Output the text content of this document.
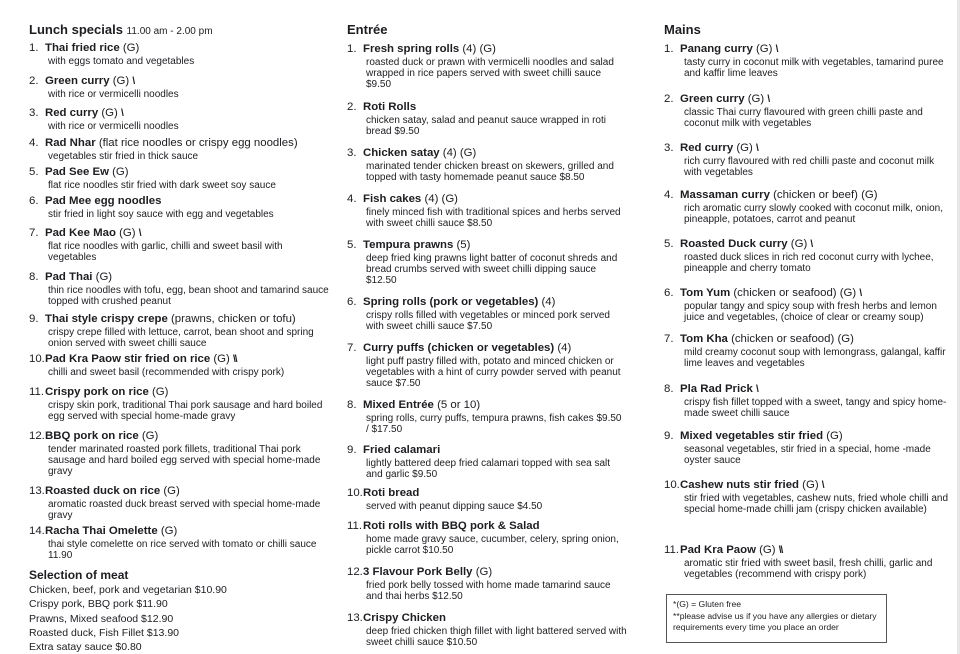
Lunch specials 11.00 am - 2.00 pm
1. Thai fried rice (G)
with eggs tomato and vegetables
2. Green curry (G) \
with rice or vermicelli noodles
3. Red curry (G) \
with rice or vermicelli noodles
4. Rad Nhar (flat rice noodles or crispy egg noodles)
vegetables stir fried in thick sauce
5. Pad See Ew (G)
flat rice noodles stir fried with dark sweet soy sauce
6. Pad Mee egg noodles
stir fried in light soy sauce with egg and vegetables
7. Pad Kee Mao (G) \
flat rice noodles with garlic, chilli and sweet basil with vegetables
8. Pad Thai (G)
thin rice noodles with tofu, egg, bean shoot and tamarind sauce topped with crushed peanut
9. Thai style crispy crepe (prawns, chicken or tofu)
crispy crepe filled with lettuce, carrot, bean shoot and spring onion served with sweet chilli sauce
10.Pad Kra Paow stir fried on rice (G) \\
chilli and sweet basil (recommended with crispy pork)
11.Crispy pork on rice (G)
crispy skin pork, traditional Thai pork sausage and hard boiled egg served with special home-made gravy
12.BBQ pork on rice (G)
tender marinated roasted pork fillets, traditional Thai pork sausage and hard boiled egg served with special home-made gravy
13.Roasted duck on rice (G)
aromatic roasted duck breast served with special home-made gravy
14.Racha Thai Omelette (G)
thai style comelette on rice served with tomato or chilli sauce 11.90
Selection of meat
Chicken, beef, pork and vegetarian $10.90
Crispy pork, BBQ pork $11.90
Prawns, Mixed seafood $12.90
Roasted duck, Fish Fillet $13.90
Extra satay sauce $0.80
Entrée
1. Fresh spring rolls (4) (G)
roasted duck or prawn with vermicelli noodles and salad wrapped in rice papers served with sweet chilli sauce $9.50
2. Roti Rolls
chicken satay, salad and peanut sauce wrapped in roti bread $9.50
3. Chicken satay (4) (G)
marinated tender chicken breast on skewers, grilled and topped with tasty homemade peanut sauce $8.50
4. Fish cakes (4) (G)
finely minced fish with traditional spices and herbs served with sweet chilli sauce $8.50
5. Tempura prawns (5)
deep fried king prawns light batter of coconut shreds and bread crumbs served with sweet chilli dipping sauce $12.50
6. Spring rolls (pork or vegetables) (4)
crispy rolls filled with vegetables or minced pork served with sweet chilli sauce $7.50
7. Curry puffs (chicken or vegetables) (4)
light puff pastry filled with, potato and minced chicken or vegetables with a hint of curry powder served with peanut sauce $7.50
8. Mixed Entrée (5 or 10)
spring rolls, curry puffs, tempura prawns, fish cakes $9.50 / $17.50
9. Fried calamari
lightly battered deep fried calamari topped with sea salt and garlic $9.50
10.Roti bread
served with peanut dipping sauce $4.50
11.Roti rolls with BBQ pork & Salad
home made gravy sauce, cucumber, celery, spring onion, pickle carrot $10.50
12.3 Flavour Pork Belly (G)
fried pork belly tossed with home made tamarind sauce and thai herbs $12.50
13.Crispy Chicken
deep fried chicken thigh fillet with light battered served with sweet chilli sauce $10.50
Mains
1. Panang curry (G) \
tasty curry in coconut milk with vegetables, tamarind puree and kaffir lime leaves
2. Green curry (G) \
classic Thai curry flavoured with green chilli paste and coconut milk with vegetables
3. Red curry (G) \
rich curry flavoured with red chilli paste and coconut milk with vegetables
4. Massaman curry (chicken or beef) (G)
rich aromatic curry slowly cooked with coconut milk, onion, pineapple, potatoes, carrot and peanut
5. Roasted Duck curry (G) \
roasted duck slices in rich red coconut curry with lychee, pineapple and cherry tomato
6. Tom Yum (chicken or seafood) (G) \
popular tangy and spicy soup with fresh herbs and lemon juice and vegetables, (choice of clear or creamy soup)
7. Tom Kha (chicken or seafood) (G)
mild creamy coconut soup with lemongrass, galangal, kaffir lime leaves and vegetables
8. Pla Rad Prick \
crispy fish fillet topped with a sweet, tangy and spicy home-made sweet chilli sauce
9. Mixed vegetables stir fried (G)
seasonal vegetables, stir fried in a special, home -made oyster sauce
10.Cashew nuts stir fried (G) \
stir fried with vegetables, cashew nuts, fried whole chilli and special home-made chilli jam (crispy chicken available)
11.Pad Kra Paow (G) \\
aromatic stir fried with sweet basil, fresh chilli, garlic and vegetables (recommend with crispy pork)
*(G) = Gluten free
**please advise us if you have any allergies or dietary requirements every time you place an order
